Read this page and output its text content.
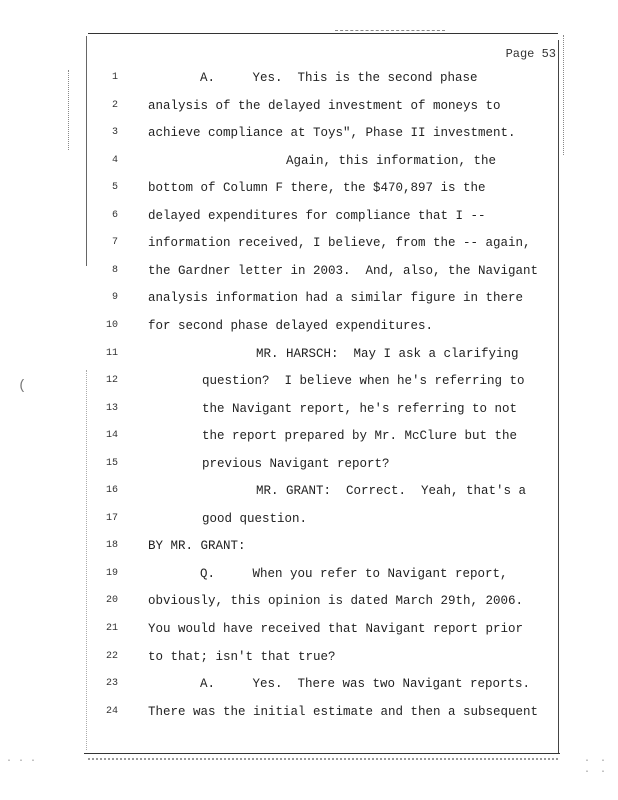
(
. . . .
. . .
Page 53
1	A.     Yes.  This is the second phase
2 analysis of the delayed investment of moneys to
3 achieve compliance at Toys", Phase II investment.
4	Again, this information, the
5 bottom of Column F there, the $470,897 is the
6 delayed expenditures for compliance that I --
7 information received, I believe, from the -- again,
8 the Gardner letter in 2003.  And, also, the Navigant
9 analysis information had a similar figure in there
10 for second phase delayed expenditures.
11	MR. HARSCH:  May I ask a clarifying
12	question?  I believe when he's referring to
13	the Navigant report, he's referring to not
14	the report prepared by Mr. McClure but the
15	previous Navigant report?
16	MR. GRANT:  Correct.  Yeah, that's a
17	good question.
18 BY MR. GRANT:
19	Q.     When you refer to Navigant report,
20 obviously, this opinion is dated March 29th, 2006.
21 You would have received that Navigant report prior
22 to that; isn't that true?
23	A.     Yes.  There was two Navigant reports.
24 There was the initial estimate and then a subsequent
